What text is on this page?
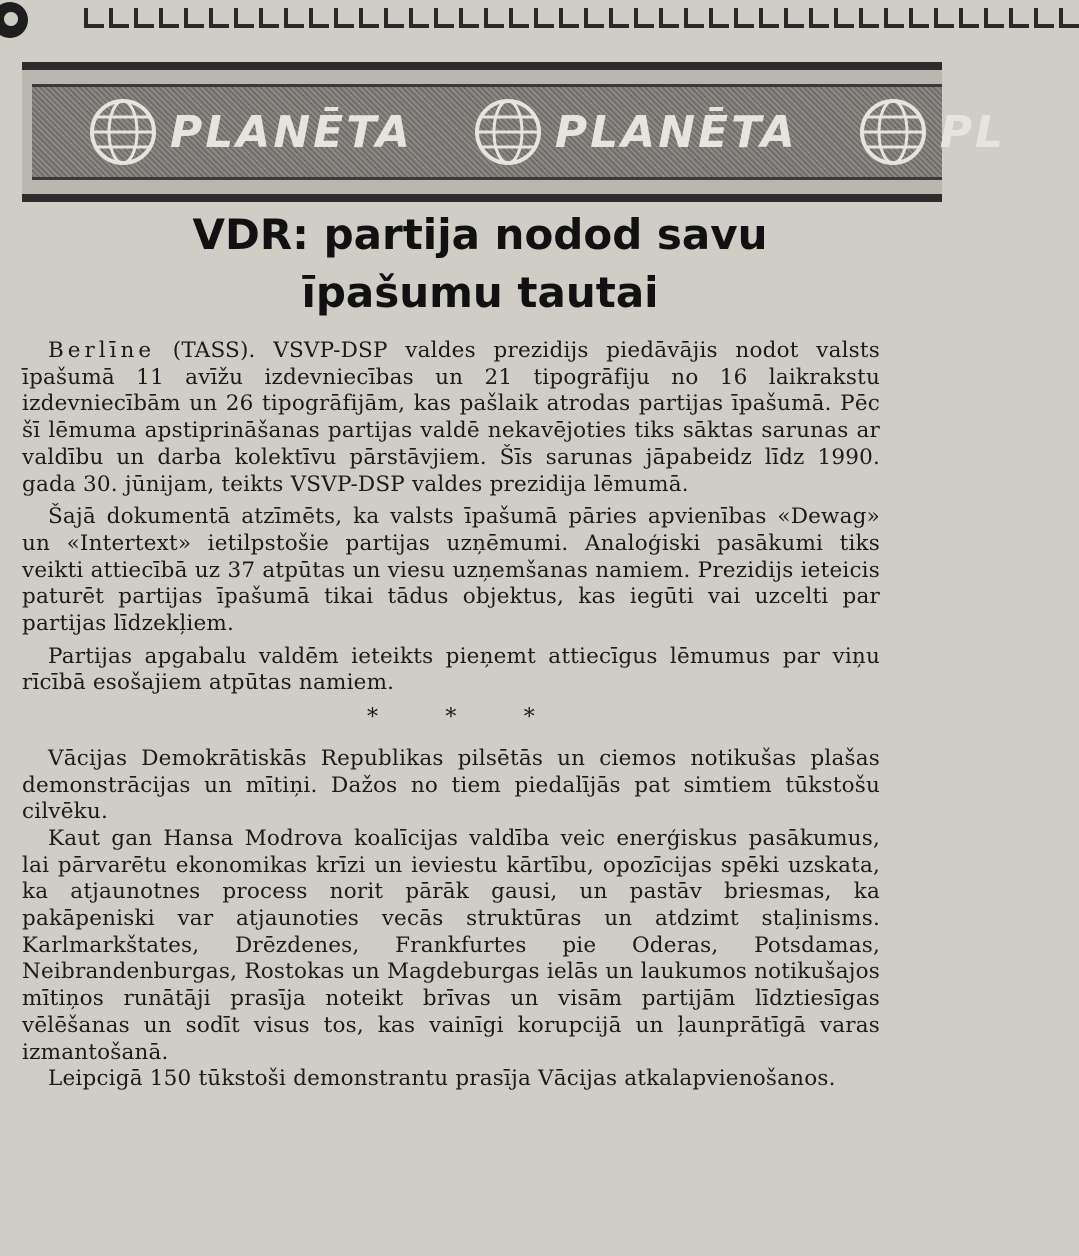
PLANĒTA	PLANĒTA	PL
VDR: partija nodod savu
īpašumu tautai

Berlīne (TASS). VSVP-DSP valdes prezidijs piedāvājis nodot valsts īpašumā 11 avīžu izdevniecības un 21 tipogrāfiju no 16 laikrakstu izdevniecībām un 26 tipogrāfijām, kas pašlaik atrodas partijas īpašumā. Pēc šī lēmuma apstiprināšanas partijas valdē nekavējoties tiks sāktas sarunas ar valdību un darba kolektīvu pārstāvjiem. Šīs sarunas jāpabeidz līdz 1990. gada 30. jūnijam, teikts VSVP-DSP valdes prezidija lēmumā.

Šajā dokumentā atzīmēts, ka valsts īpašumā pāries apvienības «Dewag» un «Intertext» ietilpstošie partijas uzņēmumi. Analoģiski pasākumi tiks veikti attiecībā uz 37 atpūtas un viesu uzņemšanas namiem. Prezidijs ieteicis paturēt partijas īpašumā tikai tādus objektus, kas iegūti vai uzcelti par partijas līdzekļiem.

Partijas apgabalu valdēm ieteikts pieņemt attiecīgus lēmumus par viņu rīcībā esošajiem atpūtas namiem.

* * *

Vācijas Demokrātiskās Republikas pilsētās un ciemos notikušas plašas demonstrācijas un mītiņi. Dažos no tiem piedalījās pat simtiem tūkstošu cilvēku.

Kaut gan Hansa Modrova koalīcijas valdība veic enerģiskus pasākumus, lai pārvarētu ekonomikas krīzi un ieviestu kārtību, opozīcijas spēki uzskata, ka atjaunotnes process norit pārāk gausi, un pastāv briesmas, ka pakāpeniski var atjaunoties vecās struktūras un atdzimt staļinisms. Karlmarkštates, Drēzdenes, Frankfurtes pie Oderas, Potsdamas, Neibrandenburgas, Rostokas un Magdeburgas ielās un laukumos notikušajos mītiņos runātāji prasīja noteikt brīvas un visām partijām līdztiesīgas vēlēšanas un sodīt visus tos, kas vainīgi korupcijā un ļaunprātīgā varas izmantošanā.

Leipcigā 150 tūkstoši demonstrantu prasīja Vācijas atkalapvienošanos.
